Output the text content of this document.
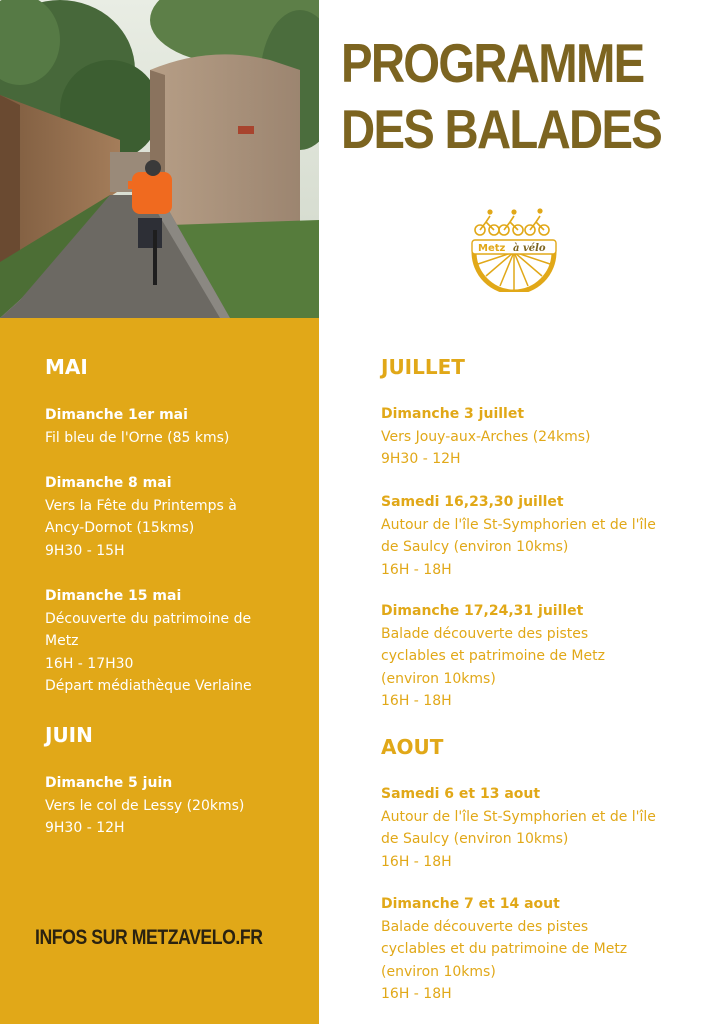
PROGRAMME
DES BALADES
Metz à vélo
MAI
Dimanche 1er mai
Fil bleu de l'Orne (85 kms)
Dimanche 8 mai
Vers la Fête du Printemps à
Ancy-Dornot (15kms)
9H30 - 15H
Dimanche 15 mai
Découverte du patrimoine de
Metz
16H - 17H30
Départ médiathèque Verlaine
JUIN
Dimanche 5 juin
Vers le col de Lessy (20kms)
9H30 - 12H

INFOS SUR METZAVELO.FR

JUILLET
Dimanche 3 juillet
Vers Jouy-aux-Arches (24kms)
9H30 - 12H
Samedi 16,23,30 juillet
Autour de l'île St-Symphorien et de l'île
de Saulcy (environ 10kms)
16H - 18H
Dimanche 17,24,31 juillet
Balade découverte des pistes
cyclables et patrimoine de Metz
(environ 10kms)
16H - 18H
AOUT
Samedi 6 et 13 aout
Autour de l'île St-Symphorien et de l'île
de Saulcy (environ 10kms)
16H - 18H
Dimanche 7 et 14 aout
Balade découverte des pistes
cyclables et du patrimoine de Metz
(environ 10kms)
16H - 18H
